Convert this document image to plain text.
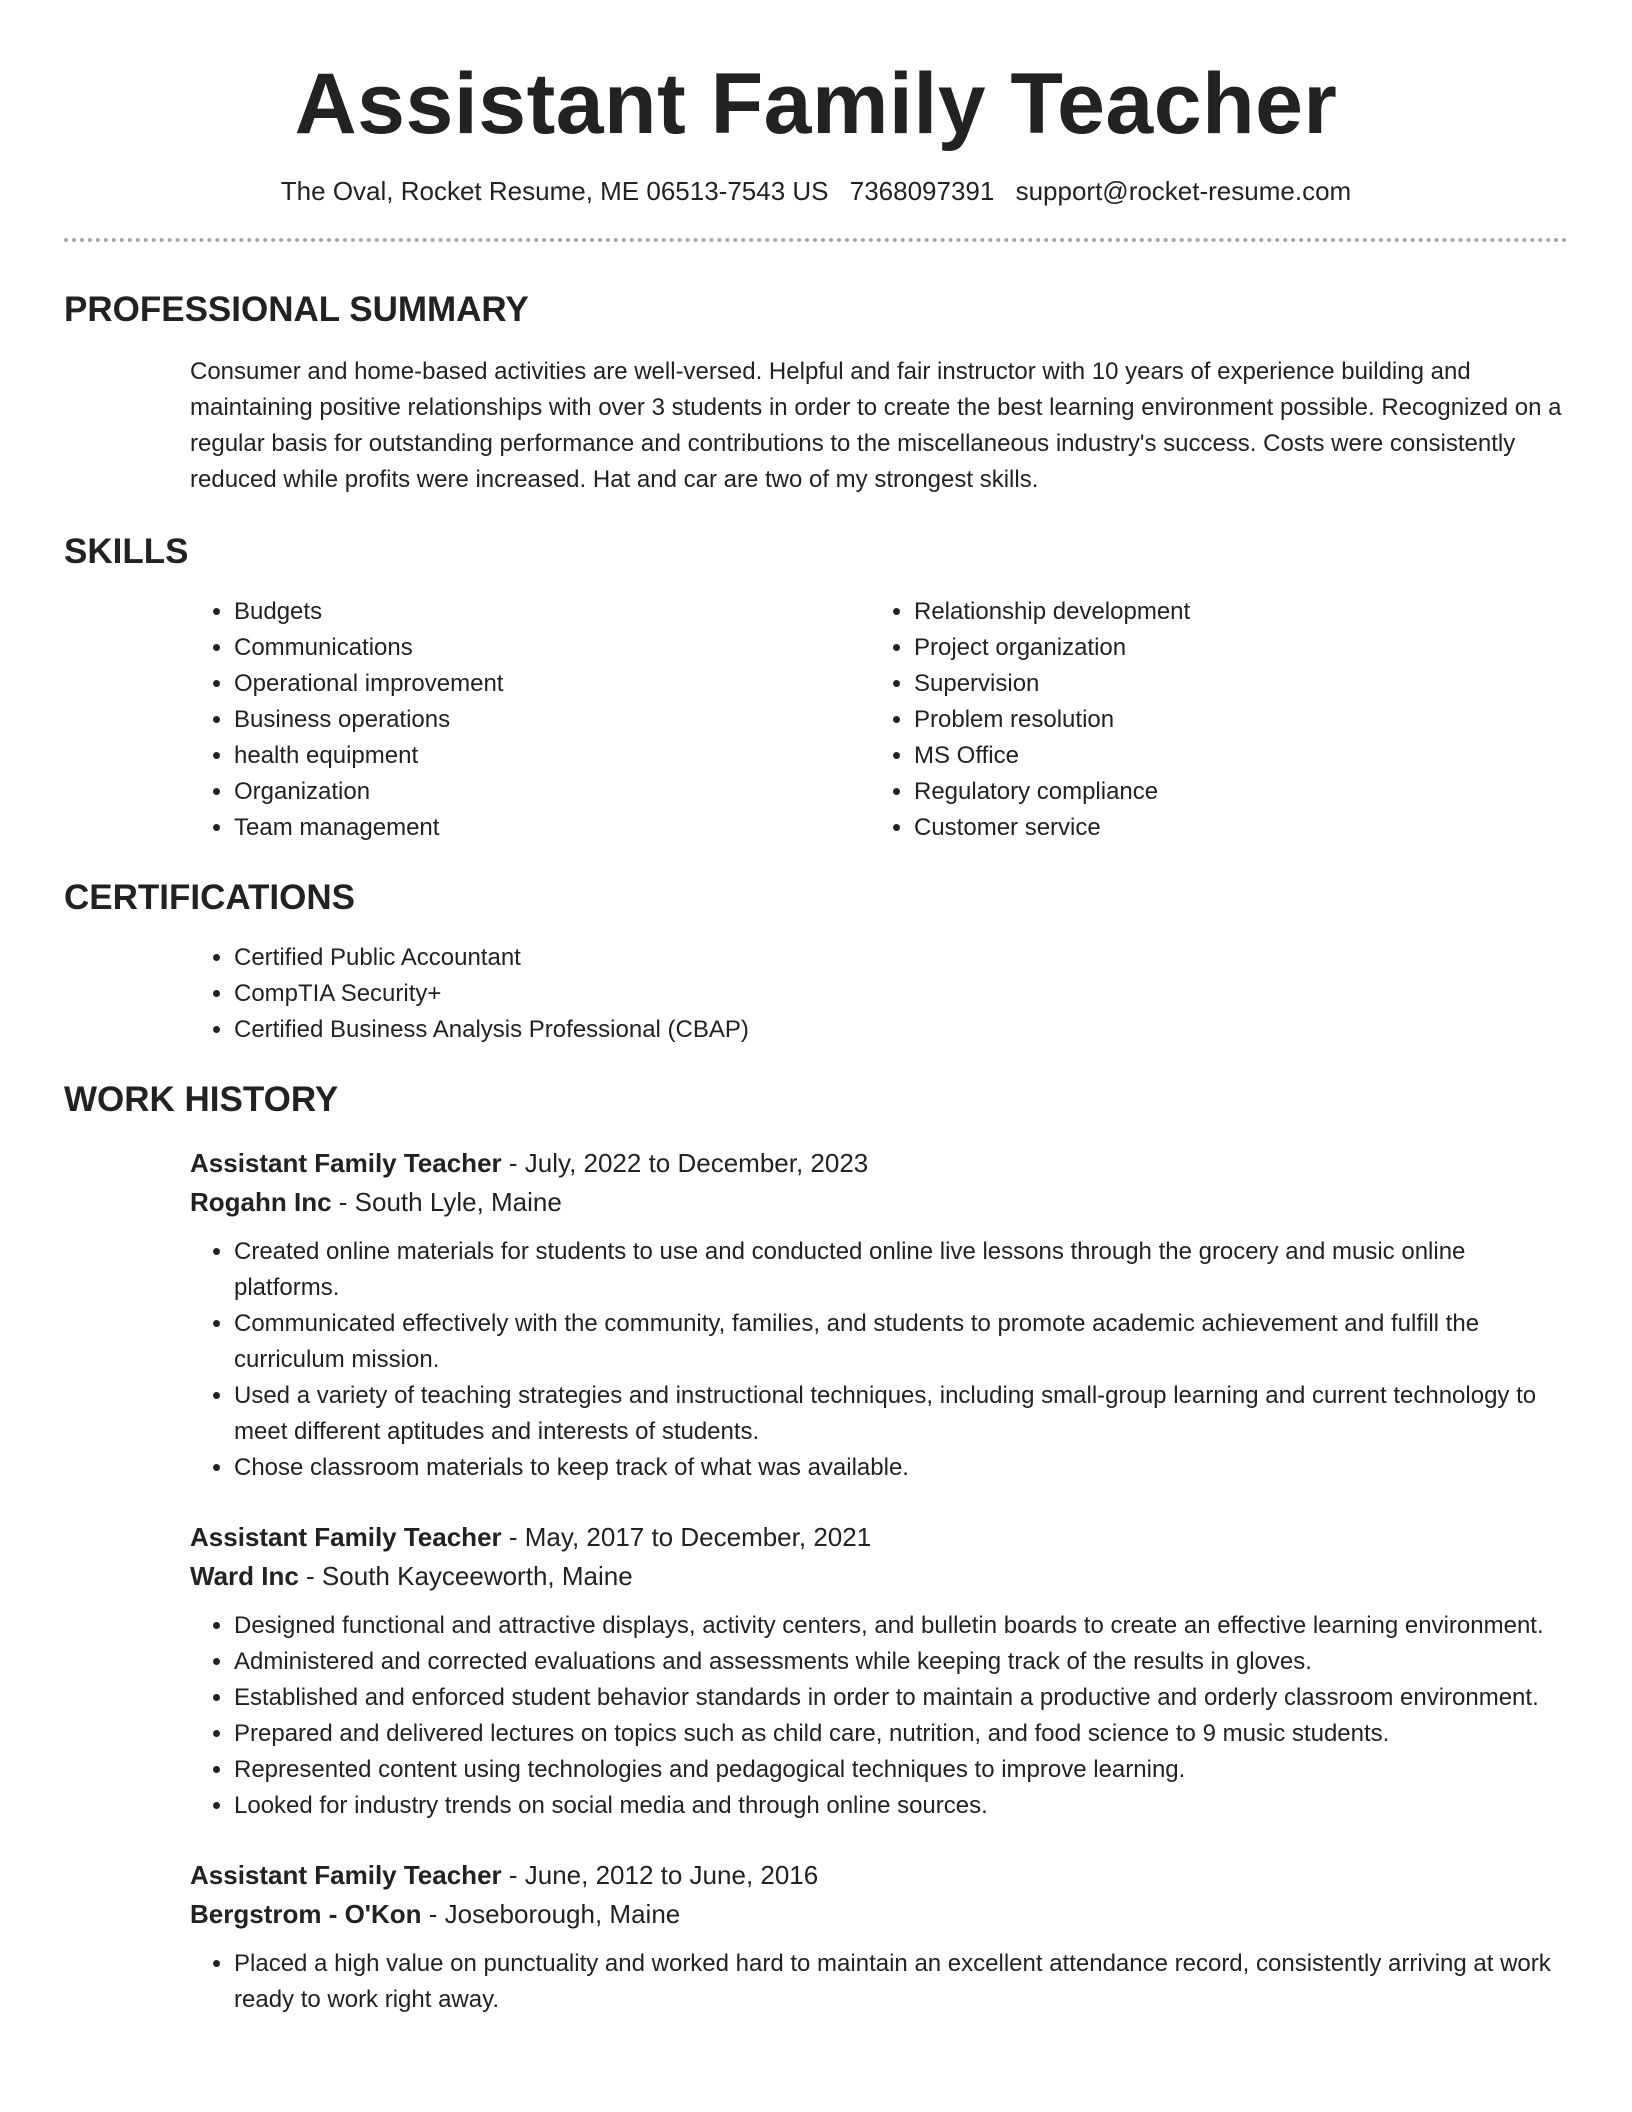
Assistant Family Teacher
The Oval, Rocket Resume, ME 06513-7543 US 7368097391 support@rocket-resume.com
PROFESSIONAL SUMMARY
Consumer and home-based activities are well-versed. Helpful and fair instructor with 10 years of experience building and maintaining positive relationships with over 3 students in order to create the best learning environment possible. Recognized on a regular basis for outstanding performance and contributions to the miscellaneous industry's success. Costs were consistently reduced while profits were increased. Hat and car are two of my strongest skills.
SKILLS
• Budgets
• Communications
• Operational improvement
• Business operations
• health equipment
• Organization
• Team management
• Relationship development
• Project organization
• Supervision
• Problem resolution
• MS Office
• Regulatory compliance
• Customer service
CERTIFICATIONS
• Certified Public Accountant
• CompTIA Security+
• Certified Business Analysis Professional (CBAP)
WORK HISTORY
Assistant Family Teacher - July, 2022 to December, 2023
Rogahn Inc - South Lyle, Maine
• Created online materials for students to use and conducted online live lessons through the grocery and music online platforms.
• Communicated effectively with the community, families, and students to promote academic achievement and fulfill the curriculum mission.
• Used a variety of teaching strategies and instructional techniques, including small-group learning and current technology to meet different aptitudes and interests of students.
• Chose classroom materials to keep track of what was available.
Assistant Family Teacher - May, 2017 to December, 2021
Ward Inc - South Kayceeworth, Maine
• Designed functional and attractive displays, activity centers, and bulletin boards to create an effective learning environment.
• Administered and corrected evaluations and assessments while keeping track of the results in gloves.
• Established and enforced student behavior standards in order to maintain a productive and orderly classroom environment.
• Prepared and delivered lectures on topics such as child care, nutrition, and food science to 9 music students.
• Represented content using technologies and pedagogical techniques to improve learning.
• Looked for industry trends on social media and through online sources.
Assistant Family Teacher - June, 2012 to June, 2016
Bergstrom - O'Kon - Joseborough, Maine
• Placed a high value on punctuality and worked hard to maintain an excellent attendance record, consistently arriving at work ready to work right away.
